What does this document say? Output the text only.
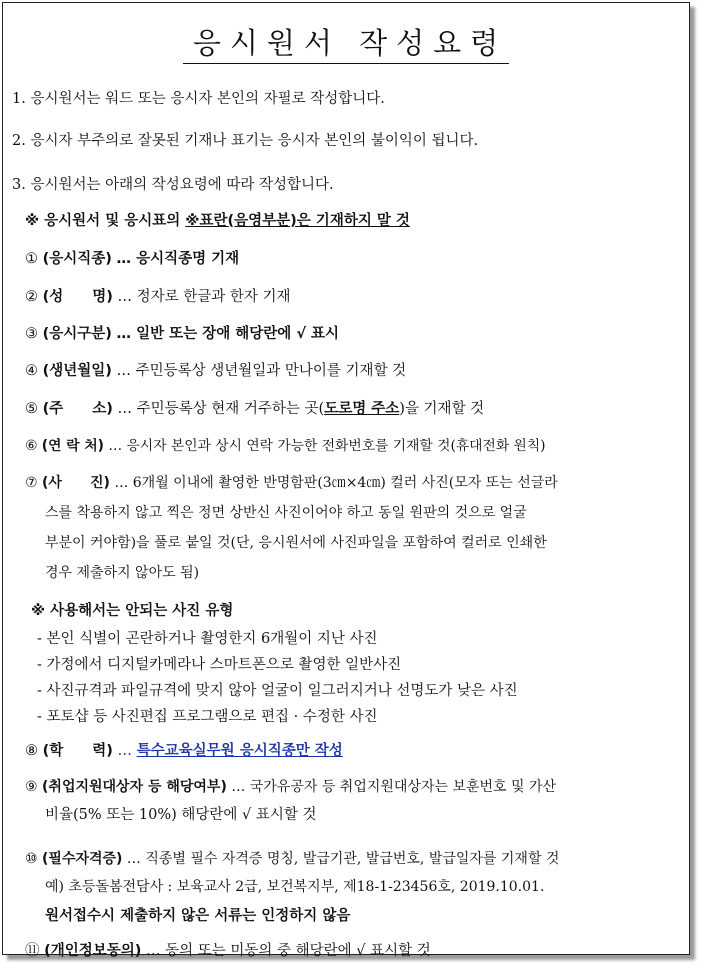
응시원서 작성요령
1. 응시원서는 워드 또는 응시자 본인의 자필로 작성합니다.
2. 응시자 부주의로 잘못된 기재나 표기는 응시자 본인의 불이익이 됩니다.
3. 응시원서는 아래의 작성요령에 따라 작성합니다.
※ 응시원서 및 응시표의 ※표란(음영부분)은 기재하지 말 것
① (응시직종) … 응시직종명 기재
② (성　　명) … 정자로 한글과 한자 기재
③ (응시구분) … 일반 또는 장애 해당란에 √ 표시
④ (생년월일) … 주민등록상 생년월일과 만나이를 기재할 것
⑤ (주　　소) … 주민등록상 현재 거주하는 곳(도로명 주소)을 기재할 것
⑥ (연 락 처) … 응시자 본인과 상시 연락 가능한 전화번호를 기재할 것(휴대전화 원칙)
⑦ (사　　진) … 6개월 이내에 촬영한 반명함판(3㎝×4㎝) 컬러 사진(모자 또는 선글라
스를 착용하지 않고 찍은 정면 상반신 사진이어야 하고 동일 원판의 것으로 얼굴
부분이 커야함)을 풀로 붙일 것(단, 응시원서에 사진파일을 포함하여 컬러로 인쇄한
경우 제출하지 않아도 됨)
※ 사용해서는 안되는 사진 유형
- 본인 식별이 곤란하거나 촬영한지 6개월이 지난 사진
- 가정에서 디지털카메라나 스마트폰으로 촬영한 일반사진
- 사진규격과 파일규격에 맞지 않아 얼굴이 일그러지거나 선명도가 낮은 사진
- 포토샵 등 사진편집 프로그램으로 편집 · 수정한 사진
⑧ (학　　력) … 특수교육실무원 응시직종만 작성
⑨ (취업지원대상자 등 해당여부) … 국가유공자 등 취업지원대상자는 보훈번호 및 가산
비율(5% 또는 10%) 해당란에 √ 표시할 것
⑩ (필수자격증) … 직종별 필수 자격증 명칭, 발급기관, 발급번호, 발급일자를 기재할 것
예) 초등돌봄전담사 : 보육교사 2급, 보건복지부, 제18-1-23456호, 2019.10.01.
원서접수시 제출하지 않은 서류는 인정하지 않음
⑪ (개인정보동의) … 동의 또는 미동의 중 해당란에 √ 표시할 것
